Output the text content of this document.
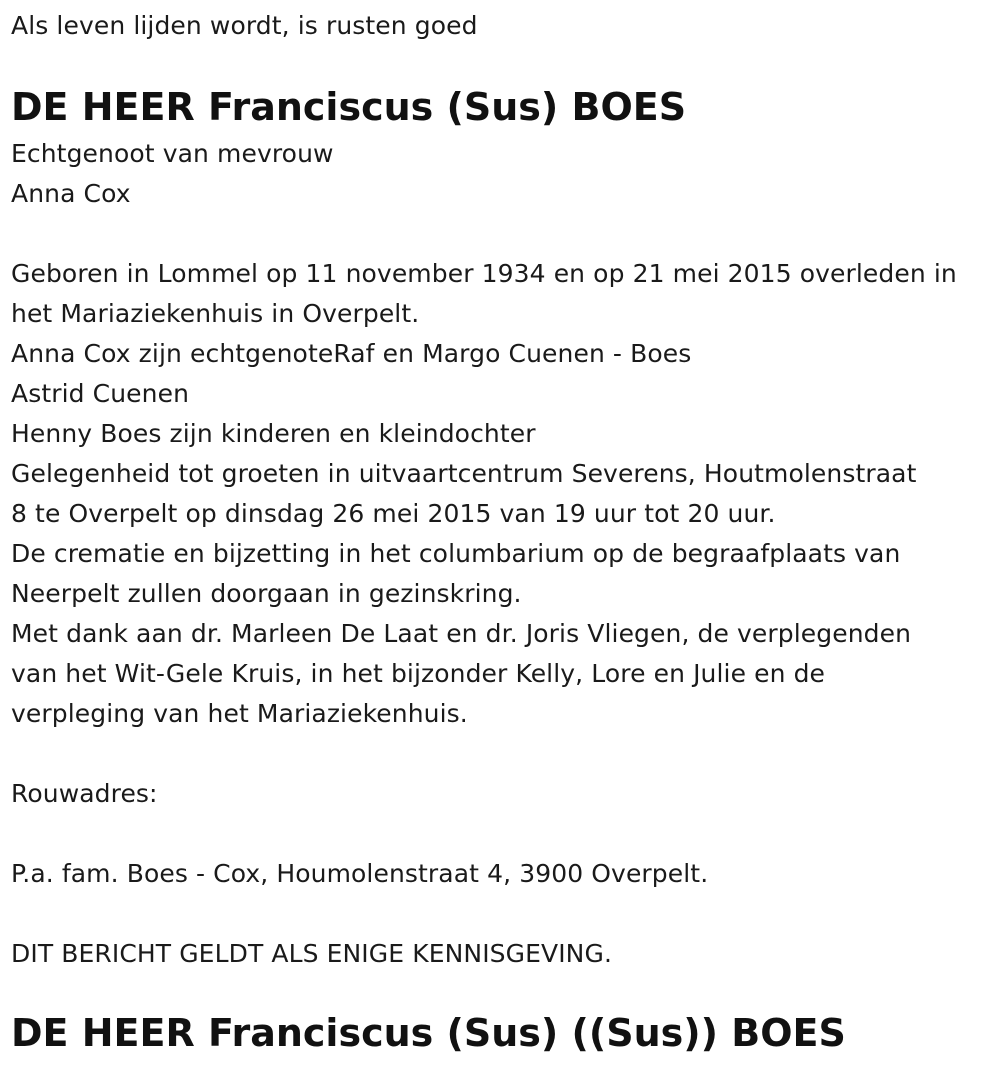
Als leven lijden wordt, is rusten goed
DE HEER Franciscus (Sus) BOES
Echtgenoot van mevrouw
Anna Cox
Geboren in Lommel op 11 november 1934 en op 21 mei 2015 overleden in
het Mariaziekenhuis in Overpelt.
Anna Cox zijn echtgenoteRaf en Margo Cuenen - Boes
Astrid Cuenen
Henny Boes zijn kinderen en kleindochter
Gelegenheid tot groeten in uitvaartcentrum Severens, Houtmolenstraat
8 te Overpelt op dinsdag 26 mei 2015 van 19 uur tot 20 uur.
De crematie en bijzetting in het columbarium op de begraafplaats van
Neerpelt zullen doorgaan in gezinskring.
Met dank aan dr. Marleen De Laat en dr. Joris Vliegen, de verplegenden
van het Wit-Gele Kruis, in het bijzonder Kelly, Lore en Julie en de
verpleging van het Mariaziekenhuis.
Rouwadres:
P.a. fam. Boes - Cox, Houmolenstraat 4, 3900 Overpelt.
DIT BERICHT GELDT ALS ENIGE KENNISGEVING.
DE HEER Franciscus (Sus) ((Sus)) BOES
